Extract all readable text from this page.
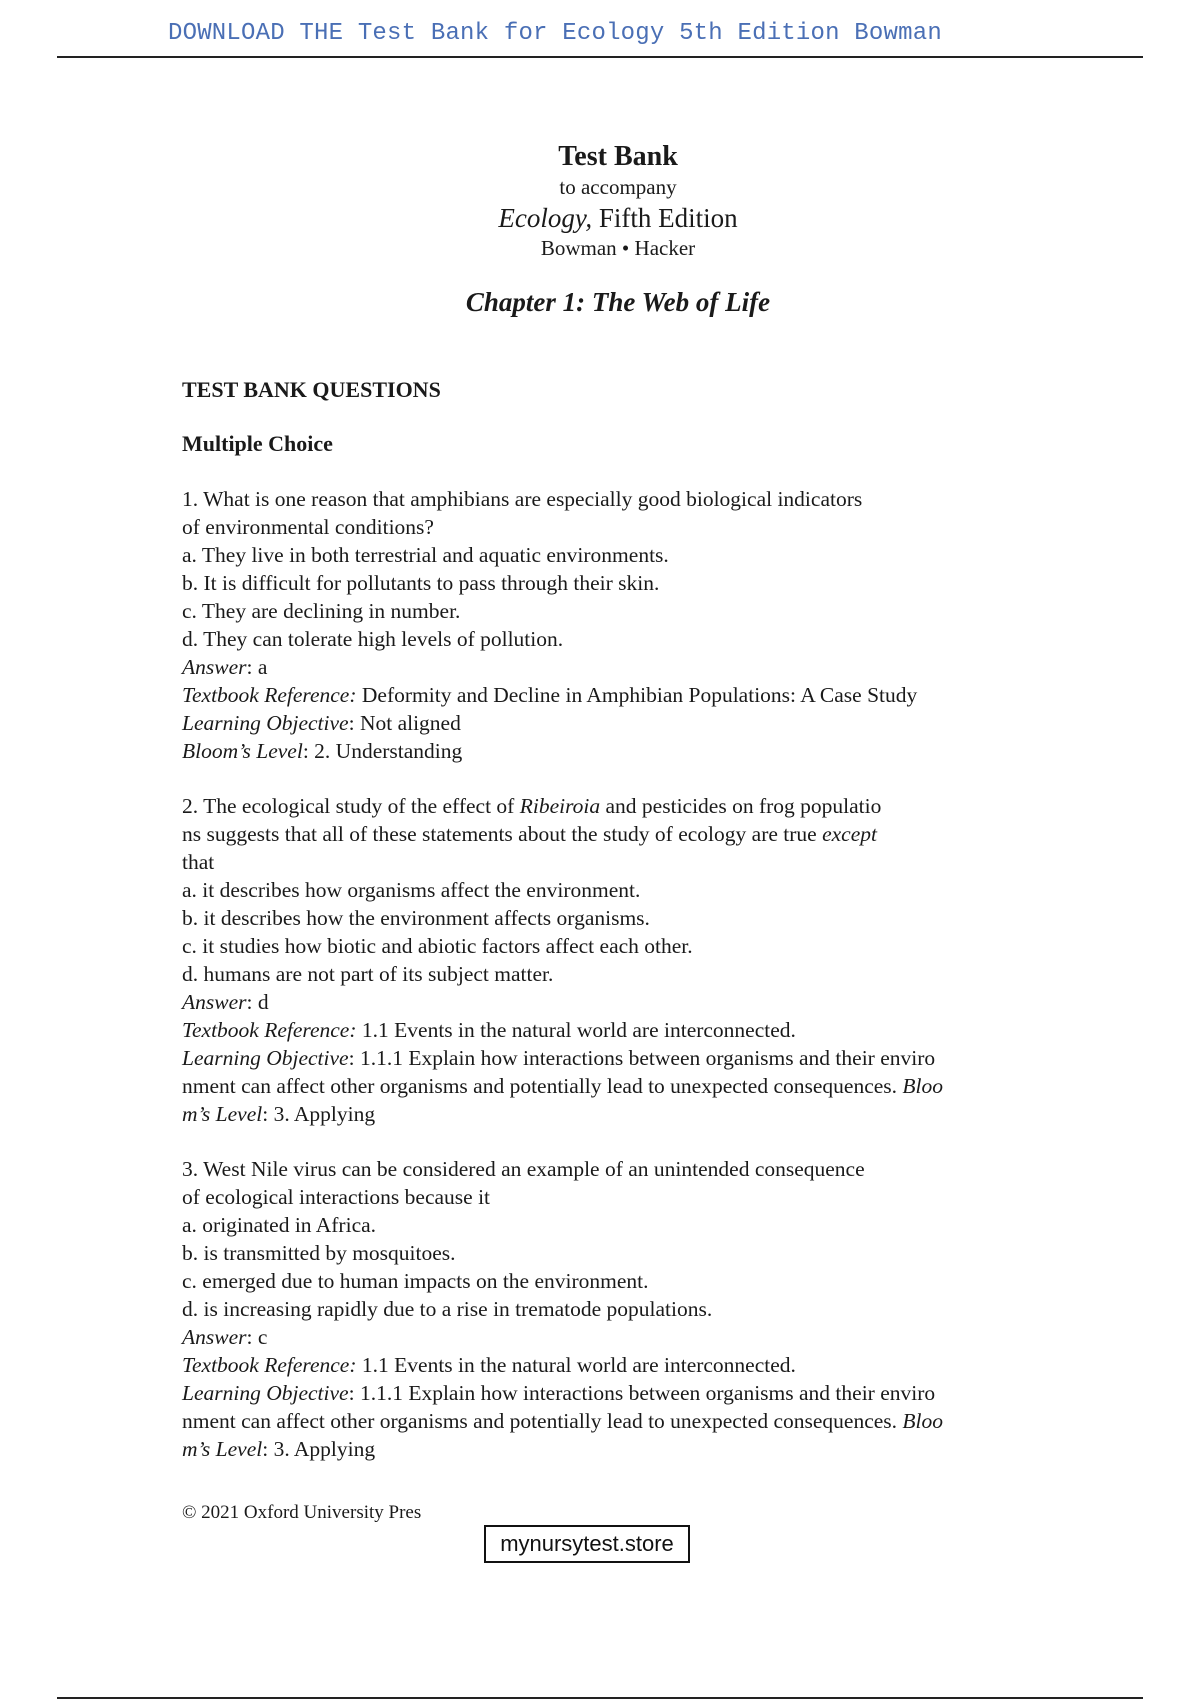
DOWNLOAD THE Test Bank for Ecology 5th Edition Bowman
Test Bank
to accompany
Ecology, Fifth Edition
Bowman • Hacker
Chapter 1: The Web of Life
TEST BANK QUESTIONS
Multiple Choice
1. What is one reason that amphibians are especially good biological indicators
of environmental conditions?
a. They live in both terrestrial and aquatic environments.
b. It is difficult for pollutants to pass through their skin.
c. They are declining in number.
d. They can tolerate high levels of pollution.
Answer: a
Textbook Reference: Deformity and Decline in Amphibian Populations: A Case Study
Learning Objective: Not aligned
Bloom’s Level: 2. Understanding
2. The ecological study of the effect of Ribeiroia and pesticides on frog populatio
ns suggests that all of these statements about the study of ecology are true except
that
a. it describes how organisms affect the environment.
b. it describes how the environment affects organisms.
c. it studies how biotic and abiotic factors affect each other.
d. humans are not part of its subject matter.
Answer: d
Textbook Reference: 1.1 Events in the natural world are interconnected.
Learning Objective: 1.1.1 Explain how interactions between organisms and their enviro
nment can affect other organisms and potentially lead to unexpected consequences. Bloo
m’s Level: 3. Applying
3. West Nile virus can be considered an example of an unintended consequence
of ecological interactions because it
a. originated in Africa.
b. is transmitted by mosquitoes.
c. emerged due to human impacts on the environment.
d. is increasing rapidly due to a rise in trematode populations.
Answer: c
Textbook Reference: 1.1 Events in the natural world are interconnected.
Learning Objective: 1.1.1 Explain how interactions between organisms and their enviro
nment can affect other organisms and potentially lead to unexpected consequences. Bloo
m’s Level: 3. Applying
© 2021 Oxford University Pres
mynursytest.store
